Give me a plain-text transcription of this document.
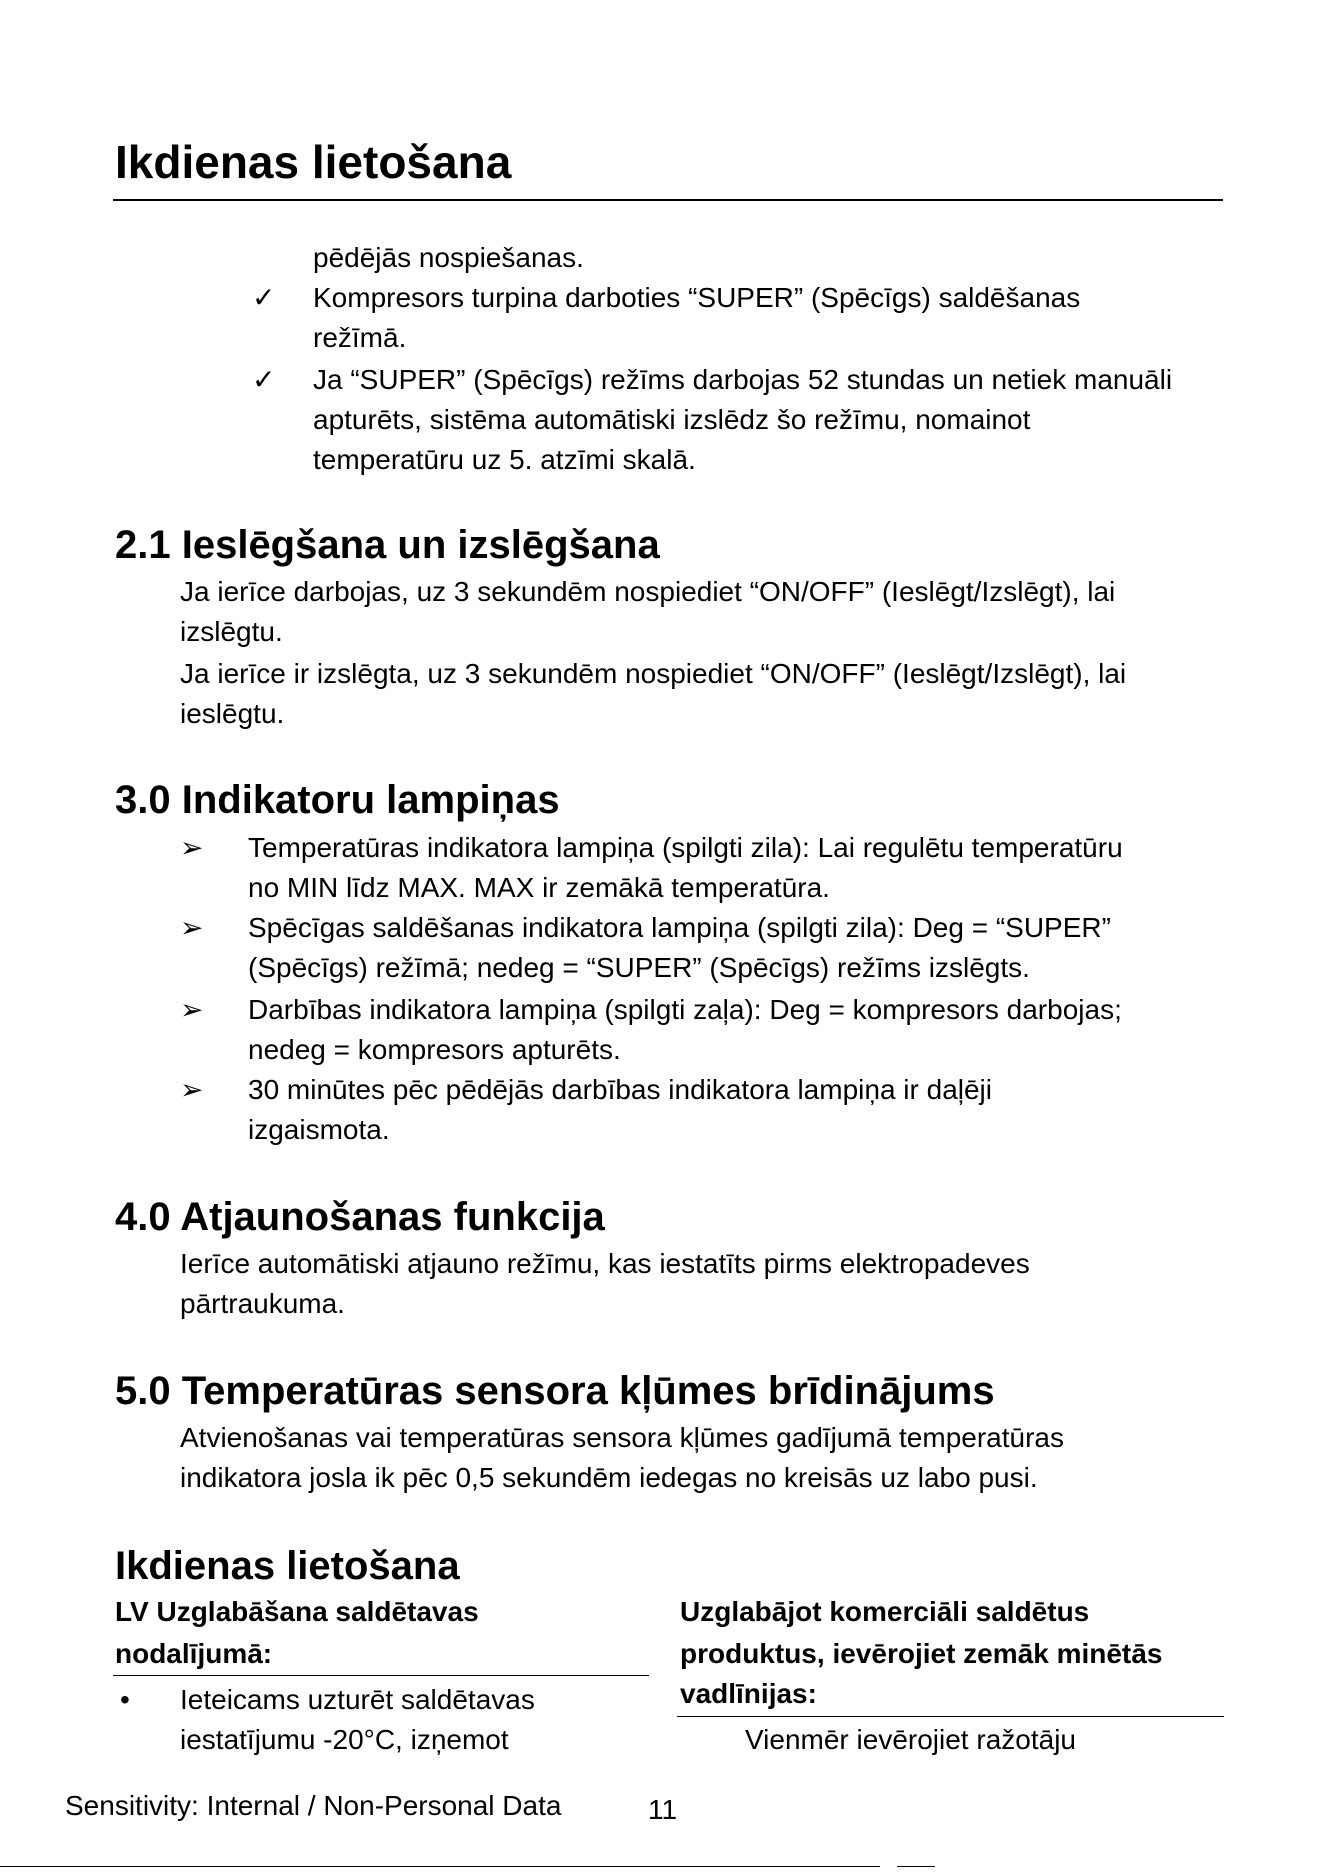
Ikdienas lietošana
pēdējās nospiešanas.
✓ Kompresors turpina darboties “SUPER” (Spēcīgs) saldēšanas
režīmā.
✓ Ja “SUPER” (Spēcīgs) režīms darbojas 52 stundas un netiek manuāli
apturēts, sistēma automātiski izslēdz šo režīmu, nomainot
temperatūru uz 5. atzīmi skalā.
2.1 Ieslēgšana un izslēgšana
Ja ierīce darbojas, uz 3 sekundēm nospiediet “ON/OFF” (Ieslēgt/Izslēgt), lai
izslēgtu.
Ja ierīce ir izslēgta, uz 3 sekundēm nospiediet “ON/OFF” (Ieslēgt/Izslēgt), lai
ieslēgtu.
3.0 Indikatoru lampiņas
➢ Temperatūras indikatora lampiņa (spilgti zila): Lai regulētu temperatūru
no MIN līdz MAX. MAX ir zemākā temperatūra.
➢ Spēcīgas saldēšanas indikatora lampiņa (spilgti zila): Deg = “SUPER”
(Spēcīgs) režīmā; nedeg = “SUPER” (Spēcīgs) režīms izslēgts.
➢ Darbības indikatora lampiņa (spilgti zaļa): Deg = kompresors darbojas;
nedeg = kompresors apturēts.
➢ 30 minūtes pēc pēdējās darbības indikatora lampiņa ir daļēji
izgaismota.
4.0 Atjaunošanas funkcija
Ierīce automātiski atjauno režīmu, kas iestatīts pirms elektropadeves
pārtraukuma.
5.0 Temperatūras sensora kļūmes brīdinājums
Atvienošanas vai temperatūras sensora kļūmes gadījumā temperatūras
indikatora josla ik pēc 0,5 sekundēm iedegas no kreisās uz labo pusi.
Ikdienas lietošana
LV Uzglabāšana saldētavas
nodalījumā:
• Ieteicams uzturēt saldētavas
iestatījumu -20°C, izņemot
Uzglabājot komerciāli saldētus
produktus, ievērojiet zemāk minētās
vadlīnijas:
Vienmēr ievērojiet ražotāju
Sensitivity: Internal / Non-Personal Data	11
